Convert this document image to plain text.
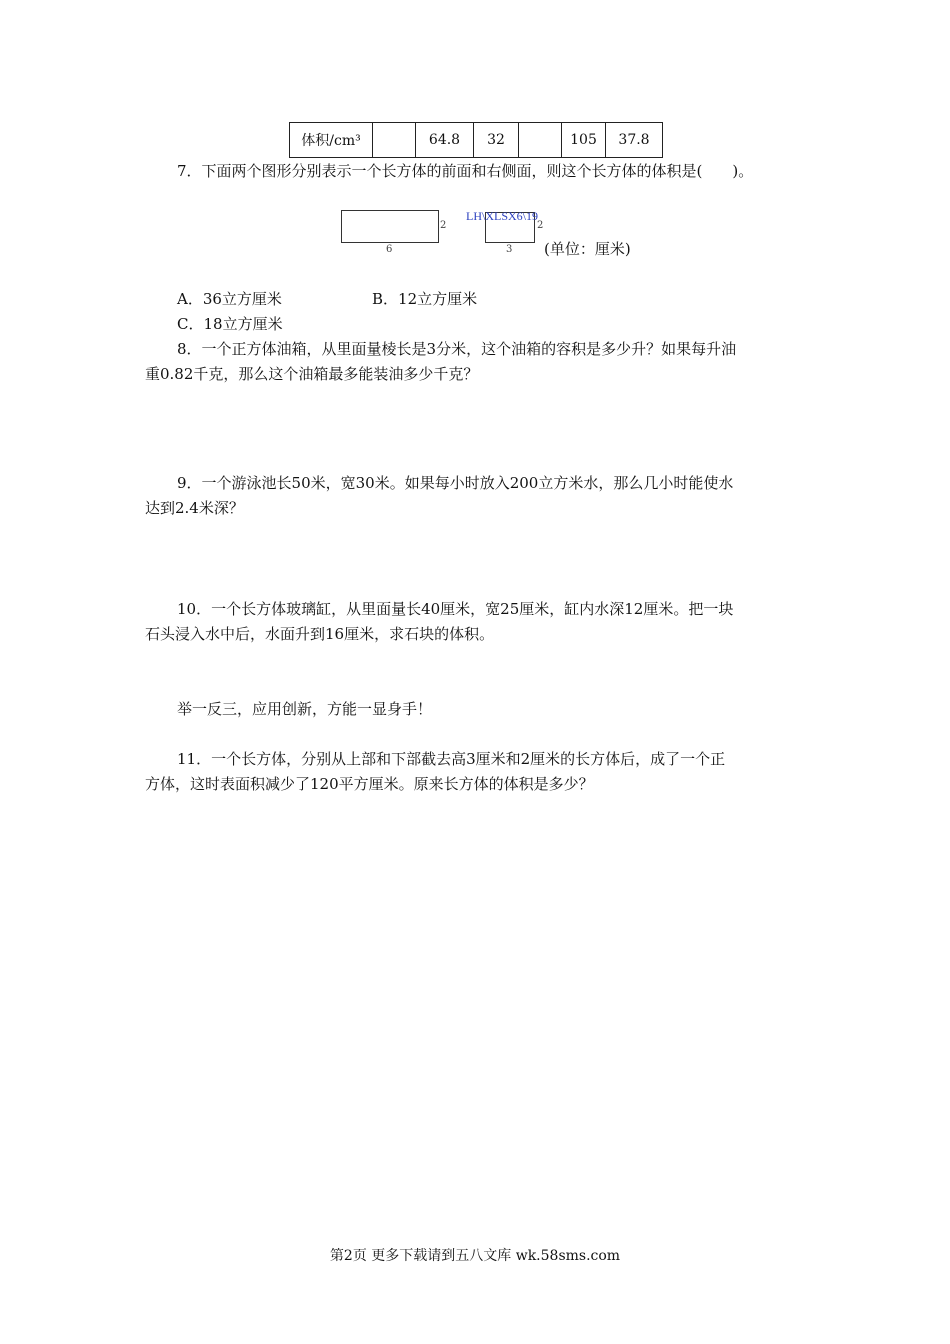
体积/cm³		64.8	32		105	37.8
7．下面两个图形分别表示一个长方体的前面和右侧面，则这个长方体的体积是(　　)。
2
6
2
3
LH\XLSX6\19
(单位：厘米)
A．36立方厘米	B．12立方厘米
C．18立方厘米
8．一个正方体油箱，从里面量棱长是3分米，这个油箱的容积是多少升？如果每升油
重0.82千克，那么这个油箱最多能装油多少千克？
9．一个游泳池长50米，宽30米。如果每小时放入200立方米水，那么几小时能使水
达到2.4米深？
10．一个长方体玻璃缸，从里面量长40厘米，宽25厘米，缸内水深12厘米。把一块
石头浸入水中后，水面升到16厘米，求石块的体积。
举一反三，应用创新，方能一显身手！
11．一个长方体，分别从上部和下部截去高3厘米和2厘米的长方体后，成了一个正
方体，这时表面积减少了120平方厘米。原来长方体的体积是多少？
第2页 更多下载请到五八文库 wk.58sms.com
